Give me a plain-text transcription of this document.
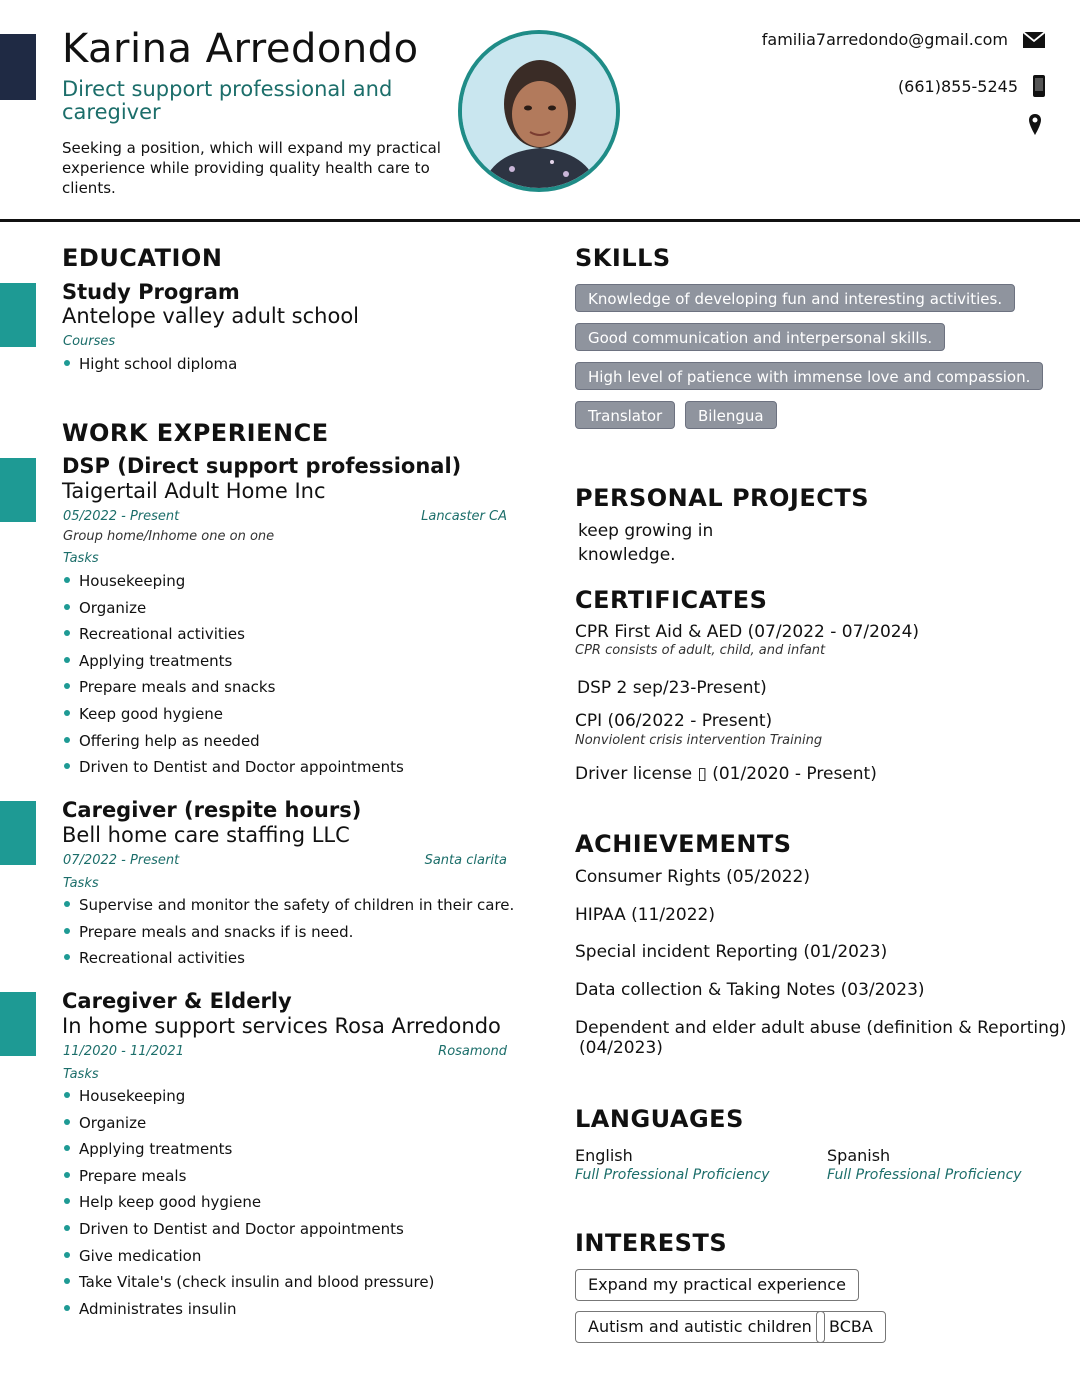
Karina Arredondo
Direct support professional and caregiver
Seeking a position, which will expand my practical experience while providing quality health care to clients.
familia7arredondo@gmail.com
(661)855-5245
EDUCATION
Study Program
Antelope valley adult school
Courses
Hight school diploma
WORK EXPERIENCE
DSP (Direct support professional)
Taigertail Adult Home Inc
05/2022 - Present	Lancaster CA
Group home/Inhome one on one
Tasks
Housekeeping
Organize
Recreational activities
Applying treatments
Prepare meals and snacks
Keep good hygiene
Offering help as needed
Driven to Dentist and Doctor appointments
Caregiver (respite hours)
Bell home care staffing LLC
07/2022 - Present	Santa clarita
Tasks
Supervise and monitor the safety of children in their care.
Prepare meals and snacks if is need.
Recreational activities
Caregiver & Elderly
In home support services Rosa Arredondo
11/2020 - 11/2021	Rosamond
Tasks
Housekeeping
Organize
Applying treatments
Prepare meals
Help keep good hygiene
Driven to Dentist and Doctor appointments
Give medication
Take Vitale's (check insulin and blood pressure)
Administrates insulin
SKILLS
Knowledge of developing fun and interesting activities.
Good communication and interpersonal skills.
High level of patience with immense love and compassion.
Translator	Bilengua
PERSONAL PROJECTS
keep growing in
knowledge.
CERTIFICATES
CPR First Aid & AED (07/2022 - 07/2024)
CPR consists of adult, child, and infant
DSP 2 sep/23-Present)
CPI (06/2022 - Present)
Nonviolent crisis intervention Training
Driver license ▯ (01/2020 - Present)
ACHIEVEMENTS
Consumer Rights (05/2022)
HIPAA (11/2022)
Special incident Reporting (01/2023)
Data collection & Taking Notes (03/2023)
Dependent and elder adult abuse (definition & Reporting)
(04/2023)
LANGUAGES
English
Full Professional Proficiency
Spanish
Full Professional Proficiency
INTERESTS
Expand my practical experience
Autism and autistic children	BCBA
